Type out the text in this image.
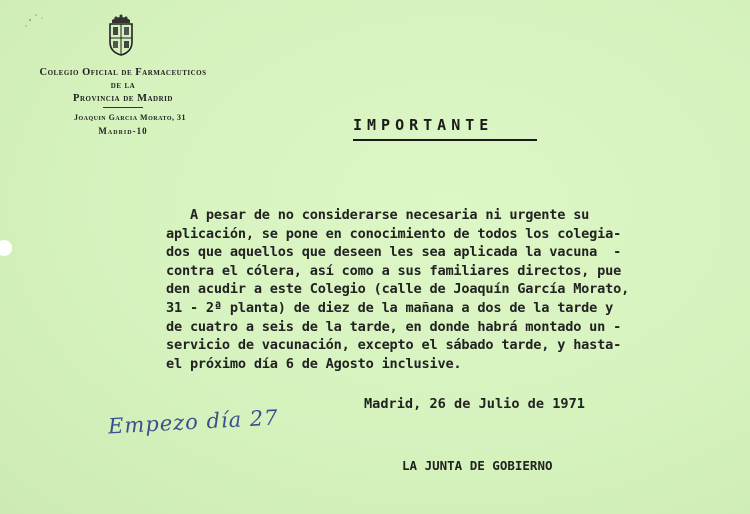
Colegio Oficial de Farmaceuticos
de la
Provincia de Madrid
Joaquin Garcia Morato, 31
Madrid-10	IMPORTANTE
A pesar de no considerarse necesaria ni urgente su
aplicación, se pone en conocimiento de todos los colegia-
dos que aquellos que deseen les sea aplicada la vacuna  -
contra el cólera, así como a sus familiares directos, pue
den acudir a este Colegio (calle de Joaquín García Morato,
31 - 2ª planta) de diez de la mañana a dos de la tarde y
de cuatro a seis de la tarde, en donde habrá montado un -
servicio de vacunación, excepto el sábado tarde, y hasta-
el próximo día 6 de Agosto inclusive.
Madrid, 26 de Julio de 1971
Empezo día 27
LA JUNTA DE GOBIERNO
